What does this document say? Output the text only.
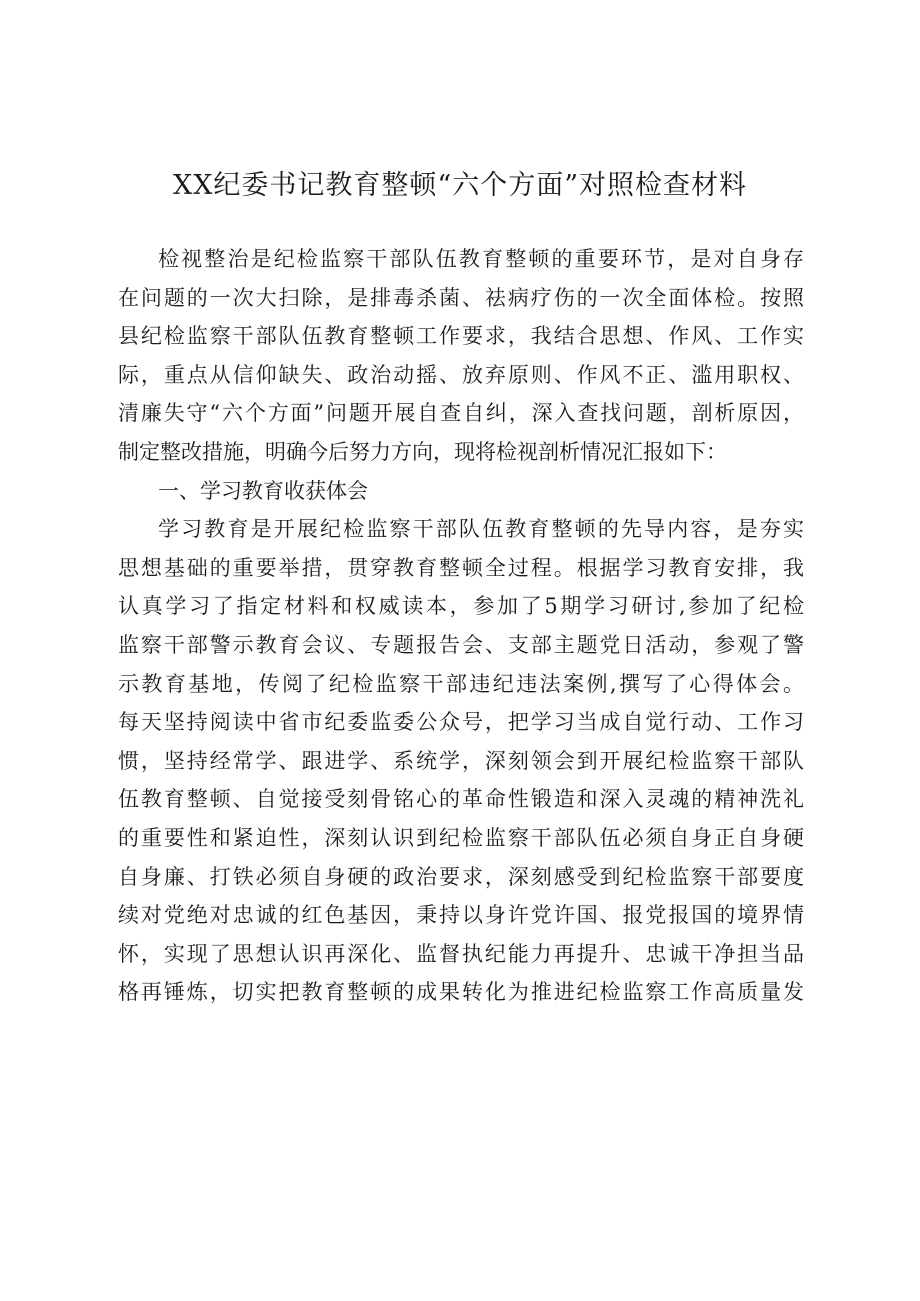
XX纪委书记教育整顿“六个方面”对照检查材料
检视整治是纪检监察干部队伍教育整顿的重要环节，是对自身存
在问题的一次大扫除，是排毒杀菌、祛病疗伤的一次全面体检。按照
县纪检监察干部队伍教育整顿工作要求，我结合思想、作风、工作实
际，重点从信仰缺失、政治动摇、放弃原则、作风不正、滥用职权、
清廉失守“六个方面”问题开展自查自纠，深入查找问题，剖析原因，
制定整改措施，明确今后努力方向，现将检视剖析情况汇报如下：
一、学习教育收获体会
学习教育是开展纪检监察干部队伍教育整顿的先导内容，是夯实
思想基础的重要举措，贯穿教育整顿全过程。根据学习教育安排，我
认真学习了指定材料和权威读本，参加了5期学习研讨,参加了纪检
监察干部警示教育会议、专题报告会、支部主题党日活动，参观了警
示教育基地，传阅了纪检监察干部违纪违法案例,撰写了心得体会。
每天坚持阅读中省市纪委监委公众号，把学习当成自觉行动、工作习
惯，坚持经常学、跟进学、系统学，深刻领会到开展纪检监察干部队
伍教育整顿、自觉接受刻骨铭心的革命性锻造和深入灵魂的精神洗礼
的重要性和紧迫性，深刻认识到纪检监察干部队伍必须自身正自身硬
自身廉、打铁必须自身硬的政治要求，深刻感受到纪检监察干部要度
续对党绝对忠诚的红色基因，秉持以身许党许国、报党报国的境界情
怀，实现了思想认识再深化、监督执纪能力再提升、忠诚干净担当品
格再锤炼，切实把教育整顿的成果转化为推进纪检监察工作高质量发
